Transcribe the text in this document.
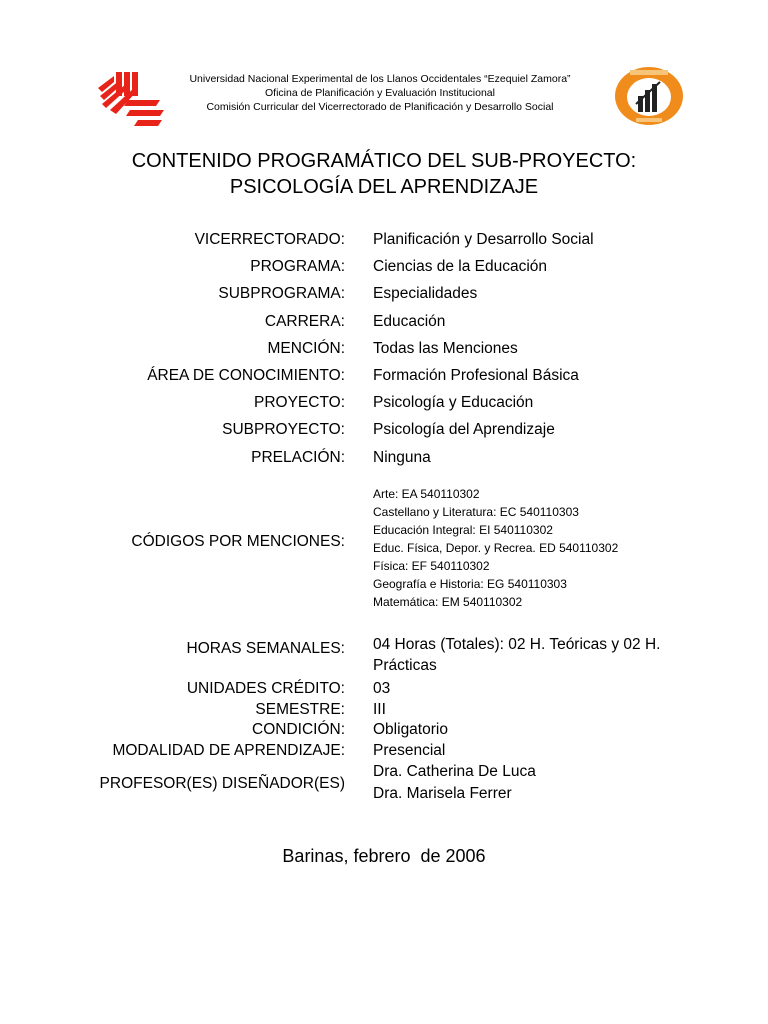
Universidad Nacional Experimental de los Llanos Occidentales “Ezequiel Zamora”
Oficina de Planificación y Evaluación Institucional
Comisión Curricular del Vicerrectorado de Planificación y Desarrollo Social
CONTENIDO PROGRAMÁTICO DEL SUB-PROYECTO:
PSICOLOGÍA DEL APRENDIZAJE
VICERRECTORADO: Planificación y Desarrollo Social
PROGRAMA: Ciencias de la Educación
SUBPROGRAMA: Especialidades
CARRERA: Educación
MENCIÓN: Todas las Menciones
ÁREA DE CONOCIMIENTO: Formación Profesional Básica
PROYECTO: Psicología y Educación
SUBPROYECTO: Psicología del Aprendizaje
PRELACIÓN: Ninguna
CÓDIGOS POR MENCIONES:
Arte: EA 540110302
Castellano y Literatura: EC 540110303
Educación Integral: EI 540110302
Educ. Física, Depor. y Recrea. ED 540110302
Física: EF 540110302
Geografía e Historia: EG 540110303
Matemática: EM 540110302
HORAS SEMANALES: 04 Horas (Totales): 02 H. Teóricas y 02 H. Prácticas
UNIDADES CRÉDITO: 03
SEMESTRE: III
CONDICIÓN: Obligatorio
MODALIDAD DE APRENDIZAJE: Presencial
PROFESOR(ES) DISEÑADOR(ES)
Dra. Catherina De Luca
Dra. Marisela Ferrer
Barinas, febrero  de 2006
